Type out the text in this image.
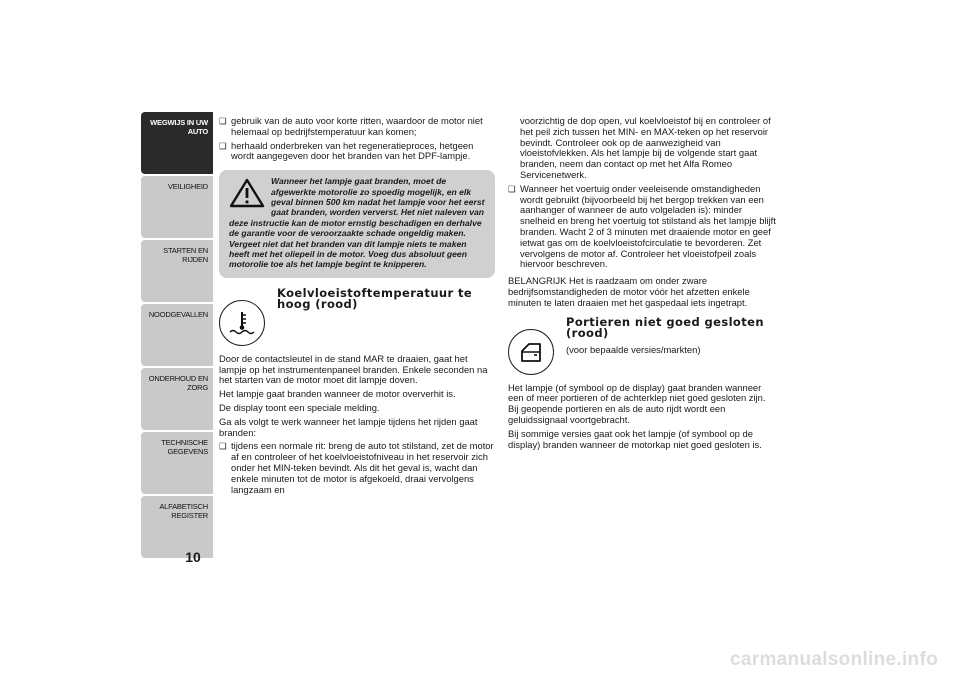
WEGWIJS IN UW AUTO
VEILIGHEID
STARTEN EN RIJDEN
NOODGEVALLEN
ONDERHOUD EN ZORG
TECHNISCHE GEGEVENS
ALFABETISCH REGISTER
10
❑ gebruik van de auto voor korte ritten, waardoor de motor niet helemaal op bedrijfstemperatuur kan komen;
❑ herhaald onderbreken van het regeneratieproces, hetgeen wordt aangegeven door het branden van het DPF-lampje.
Wanneer het lampje gaat branden, moet de afgewerkte motorolie zo spoedig mogelijk, en elk geval binnen 500 km nadat het lampje voor het eerst gaat branden, worden ververst. Het niet naleven van deze instructie kan de motor ernstig beschadigen en derhalve de garantie voor de veroorzaakte schade ongeldig maken. Vergeet niet dat het branden van dit lampje niets te maken heeft met het oliepeil in de motor. Voeg dus absoluut geen motorolie toe als het lampje begint te knipperen.
Koelvloeistoftemperatuur te hoog (rood)

Door de contactsleutel in de stand MAR te draaien, gaat het lampje op het instrumentenpaneel branden. Enkele seconden na het starten van de motor moet dit lampje doven.

Het lampje gaat branden wanneer de motor oververhit is.

De display toont een speciale melding.

Ga als volgt te werk wanneer het lampje tijdens het rijden gaat branden:

❑ tijdens een normale rit: breng de auto tot stilstand, zet de motor af en controleer of het koelvloeistofniveau in het reservoir zich onder het MIN-teken bevindt. Als dit het geval is, wacht dan enkele minuten tot de motor is afgekoeld, draai vervolgens langzaam en

voorzichtig de dop open, vul koelvloeistof bij en controleer of het peil zich tussen het MIN- en MAX-teken op het reservoir bevindt. Controleer ook op de aanwezigheid van vloeistofvlekken. Als het lampje bij de volgende start gaat branden, neem dan contact op met het Alfa Romeo Servicenetwerk.

❑ Wanneer het voertuig onder veeleisende omstandigheden wordt gebruikt (bijvoorbeeld bij het bergop trekken van een aanhanger of wanneer de auto volgeladen is): minder snelheid en breng het voertuig tot stilstand als het lampje blijft branden. Wacht 2 of 3 minuten met draaiende motor en geef ietwat gas om de koelvloeistofcirculatie te bevorderen. Zet vervolgens de motor af. Controleer het vloeistofpeil zoals hiervoor beschreven.

BELANGRIJK Het is raadzaam om onder zware bedrijfsomstandigheden de motor vóór het afzetten enkele minuten te laten draaien met het gaspedaal iets ingetrapt.

Portieren niet goed gesloten (rood)
(voor bepaalde versies/markten)

Het lampje (of symbool op de display) gaat branden wanneer een of meer portieren of de achterklep niet goed gesloten zijn. Bij geopende portieren en als de auto rijdt wordt een geluidssignaal voortgebracht.

Bij sommige versies gaat ook het lampje (of symbool op de display) branden wanneer de motorkap niet goed gesloten is.

carmanualsonline.info
